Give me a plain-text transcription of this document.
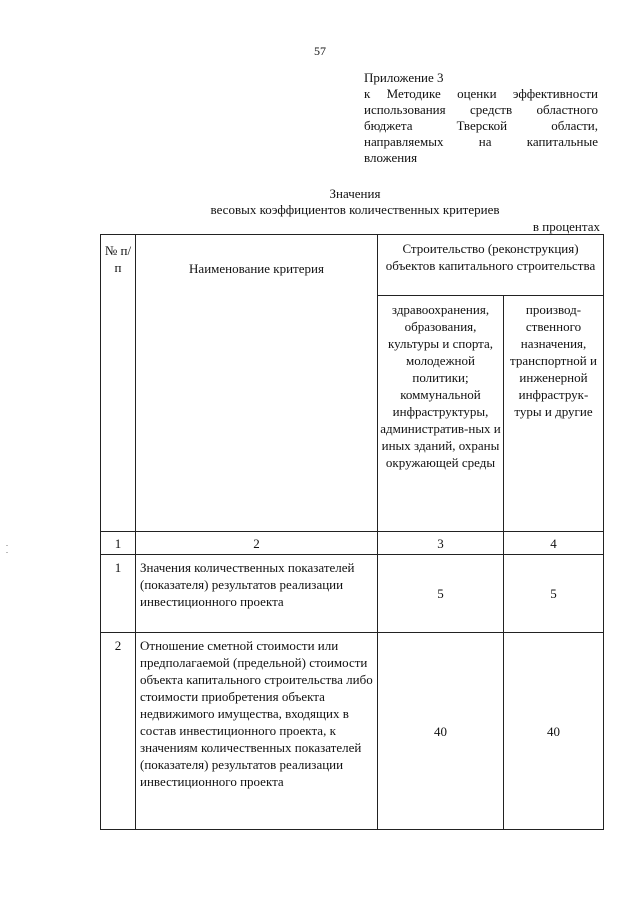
57
Приложение 3
к Методике оценки эффективности
использования средств областного
бюджета Тверской области,
направляемых на капитальные
вложения
Значения
весовых коэффициентов количественных критериев
в процентах
№ п/п	Наименование критерия	Строительство (реконструкция) объектов капитального строительства	
		здравоохранения, образования, культуры и спорта, молодежной политики; коммунальной инфраструктуры, административ-ных и иных зданий, охраны окружающей среды	производ-ственного назначения, транспортной и инженерной инфраструк-туры и другие
1	2	3	4
1	Значения количественных показателей (показателя) результатов реализации инвестиционного проекта	5	5
2	Отношение сметной стоимости или предполагаемой (предельной) стоимости объекта капитального строительства либо стоимости приобретения объекта недвижимого имущества, входящих в состав инвестиционного проекта, к значениям количественных показателей (показателя) результатов реализации инвестиционного проекта	40	40
